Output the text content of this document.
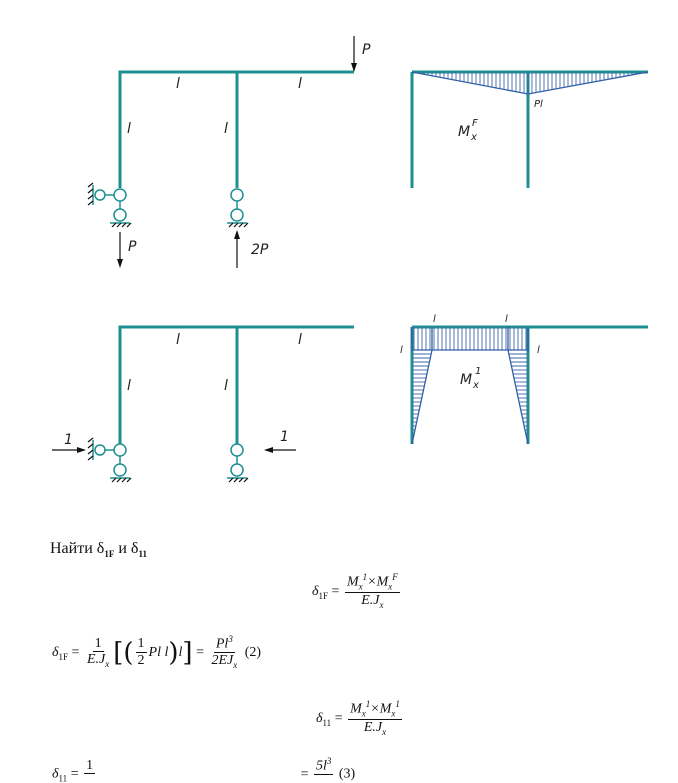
l	l
l	l
P
P	2P
Pl
M x
F
l	l
l	l
1	1
l	l
l	l
M x
1
Найти $\delta_{1F}$ и $\delta_{11}$
$\delta_{1F} = \frac{M_x^1\times M_x^F}{E.J_x}$
$\delta_{1F} = \frac{1}{E.J_x}$ [( $\frac{1}{2}$ Pl $l)l] = \frac{Pl^3}{2EJ_x} (2)$
$\delta_{11} = \frac{M_x^1\times M_x^1}{E.J_x}$
$\delta_{11}$ =
1

=
$5l^3$

(3)
